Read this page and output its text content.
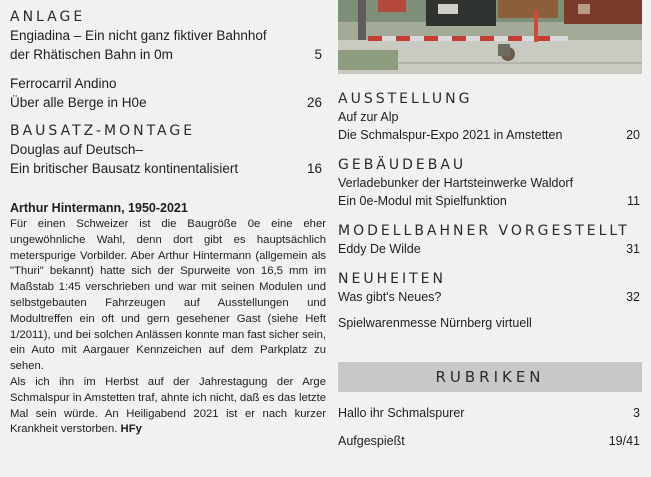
ANLAGE
Engiadina – Ein nicht ganz fiktiver Bahnhof
der Rhätischen Bahn in 0m	5
Ferrocarril Andino
Über alle Berge in H0e	26
BAUSATZ-MONTAGE
Douglas auf Deutsch–
Ein britischer Bausatz kontinentalisiert	16
Arthur Hintermann, 1950-2021

Für einen Schweizer ist die Baugröße 0e eine eher ungewöhnliche Wahl, denn dort gibt es hauptsächlich meterspurige Vorbilder. Aber Arthur Hintermann (allgemein als "Thuri" bekannt) hatte sich der Spurweite von 16,5 mm im Maßstab 1:45 verschrieben und war mit seinen Modulen und selbstgebauten Fahrzeugen auf Ausstellungen und Modultreffen ein oft und gern gesehener Gast (siehe Heft 1/2011), und bei solchen Anlässen konnte man fast sicher sein, ein Auto mit Aargauer Kennzeichen auf dem Parkplatz zu sehen.

Als ich ihn im Herbst auf der Jahrestagung der Arge Schmalspur in Amstetten traf, ahnte ich nicht, daß es das letzte Mal sein würde. An Heiligabend 2021 ist er nach kurzer Krankheit verstorben. HFy

AUSSTELLUNG
Auf zur Alp
Die Schmalspur-Expo 2021 in Amstetten	20
GEBÄUDEBAU
Verladebunker der Hartsteinwerke Waldorf
Ein 0e-Modul mit Spielfunktion	11
MODELLBAHNER VORGESTELLT
Eddy De Wilde	31
NEUHEITEN
Was gibt's Neues?	32
Spielwarenmesse Nürnberg virtuell
RUBRIKEN
Hallo ihr Schmalspurer	3
Aufgespießt	19/41
